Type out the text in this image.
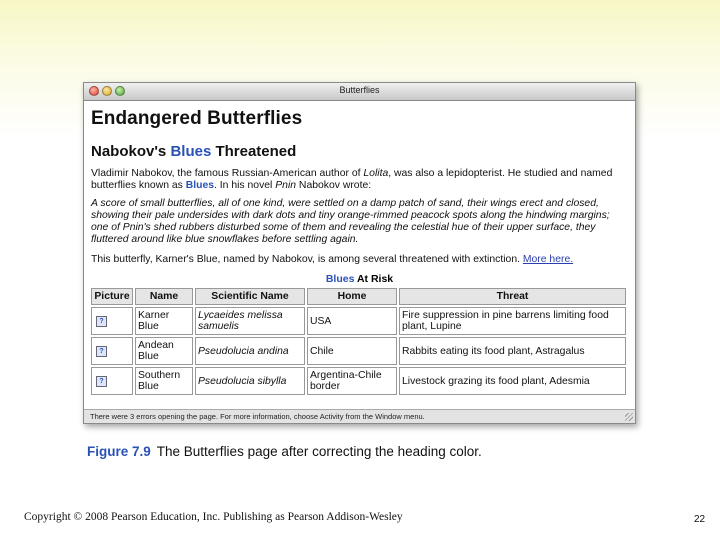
Butterflies
Endangered Butterflies
Nabokov's Blues Threatened

Vladimir Nabokov, the famous Russian-American author of Lolita, was also a lepidopterist. He studied and named butterflies known as Blues. In his novel Pnin Nabokov wrote:

A score of small butterflies, all of one kind, were settled on a damp patch of sand, their wings erect and closed, showing their pale undersides with dark dots and tiny orange-rimmed peacock spots along the hindwing margins; one of Pnin's shed rubbers disturbed some of them and revealing the celestial hue of their upper surface, they fluttered around like blue snowflakes before settling again.

This butterfly, Karner's Blue, named by Nabokov, is among several threatened with extinction. More here.

Blues At Risk
Picture	Name	Scientific Name	Home	Threat
?	Karner Blue	Lycaeides melissa samuelis	USA	Fire suppression in pine barrens limiting food plant, Lupine
?	Andean Blue	Pseudolucia andina	Chile	Rabbits eating its food plant, Astragalus
?	Southern Blue	Pseudolucia sibylla	Argentina-Chile border	Livestock grazing its food plant, Adesmia
There were 3 errors opening the page. For more information, choose Activity from the Window menu.
Figure 7.9 The Butterflies page after correcting the heading color.
Copyright © 2008 Pearson Education, Inc. Publishing as Pearson Addison-Wesley	22
